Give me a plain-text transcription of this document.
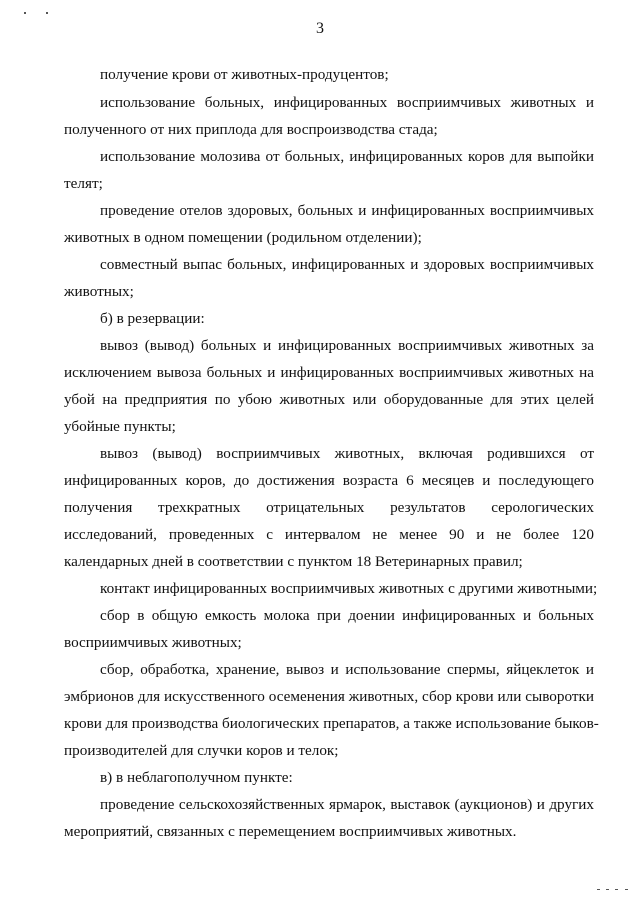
3
получение крови от животных-продуцентов;
использование больных, инфицированных восприимчивых животных и
полученного от них приплода для воспроизводства стада;
использование молозива от больных, инфицированных коров для выпойки
телят;
проведение отелов здоровых, больных и инфицированных восприимчивых
животных в одном помещении (родильном отделении);
совместный выпас больных, инфицированных и здоровых восприимчивых
животных;
б) в резервации:
вывоз (вывод) больных и инфицированных восприимчивых животных за
исключением вывоза больных и инфицированных восприимчивых животных на
убой на предприятия по убою животных или оборудованные для этих целей
убойные пункты;
вывоз (вывод) восприимчивых животных, включая родившихся от
инфицированных коров, до достижения возраста 6 месяцев и последующего
получения трехкратных отрицательных результатов серологических
исследований, проведенных с интервалом не менее 90 и не более 120
календарных дней в соответствии с пунктом 18 Ветеринарных правил;
контакт инфицированных восприимчивых животных с другими животными;
сбор в общую емкость молока при доении инфицированных и больных
восприимчивых животных;
сбор, обработка, хранение, вывоз и использование спермы, яйцеклеток и
эмбрионов для искусственного осеменения животных, сбор крови или сыворотки
крови для производства биологических препаратов, а также использование быков-
производителей для случки коров и телок;
в) в неблагополучном пункте:
проведение сельскохозяйственных ярмарок, выставок (аукционов) и других
мероприятий, связанных с перемещением восприимчивых животных.
